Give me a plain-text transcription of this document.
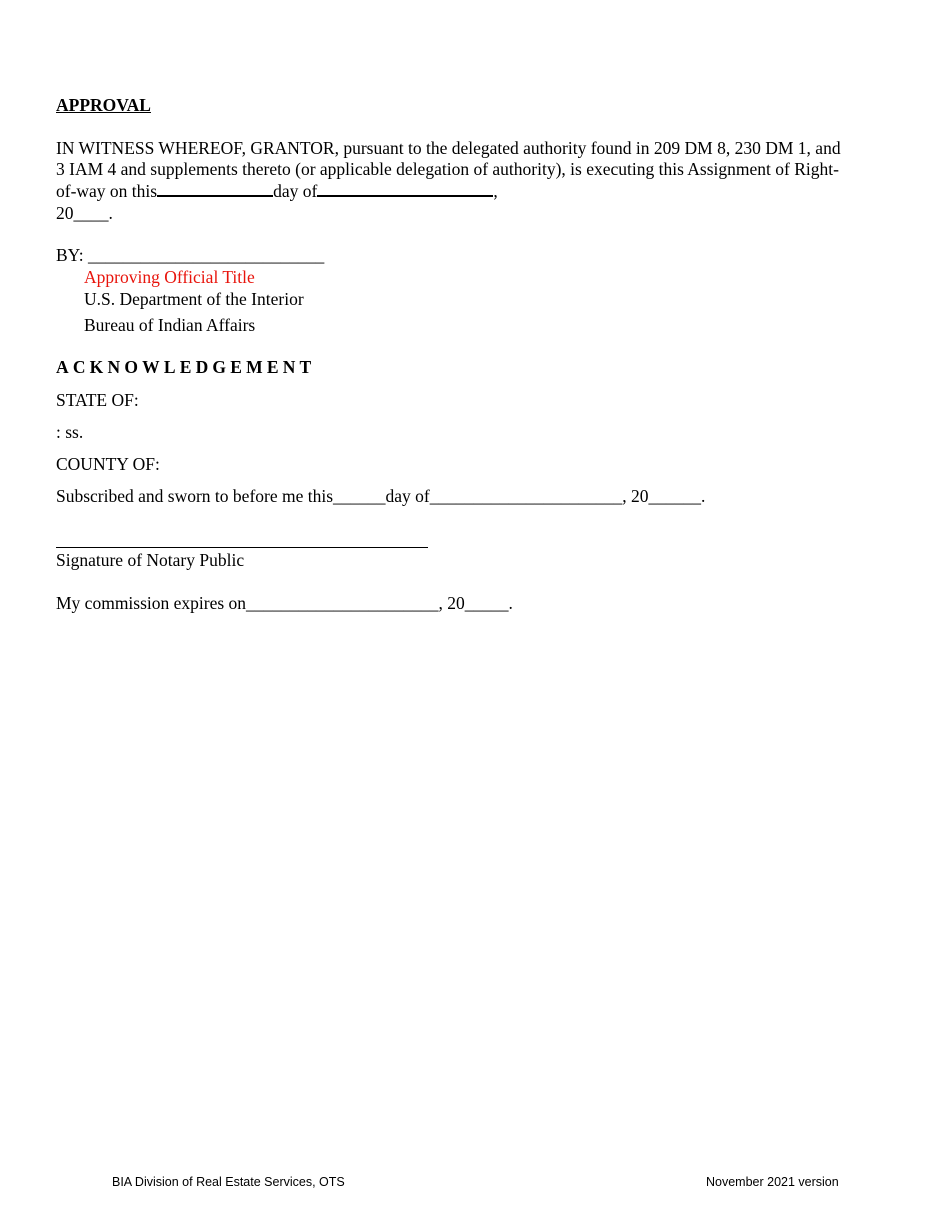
APPROVAL
IN WITNESS WHEREOF, GRANTOR, pursuant to the delegated authority found in 209 DM 8, 230 DM 1, and
3 IAM 4 and supplements thereto (or applicable delegation of authority), is executing this Assignment of Right-
of-way on this	day of	,
20____.
BY: ___________________________
Approving Official Title
U.S. Department of the Interior
Bureau of Indian Affairs
ACKNOWLEDGEMENT
STATE OF:
: ss.
COUNTY OF:
Subscribed and sworn to before me this______day of______________________, 20______.
Signature of Notary Public
My commission expires on______________________, 20_____.
BIA Division of Real Estate Services, OTS	November 2021 version
